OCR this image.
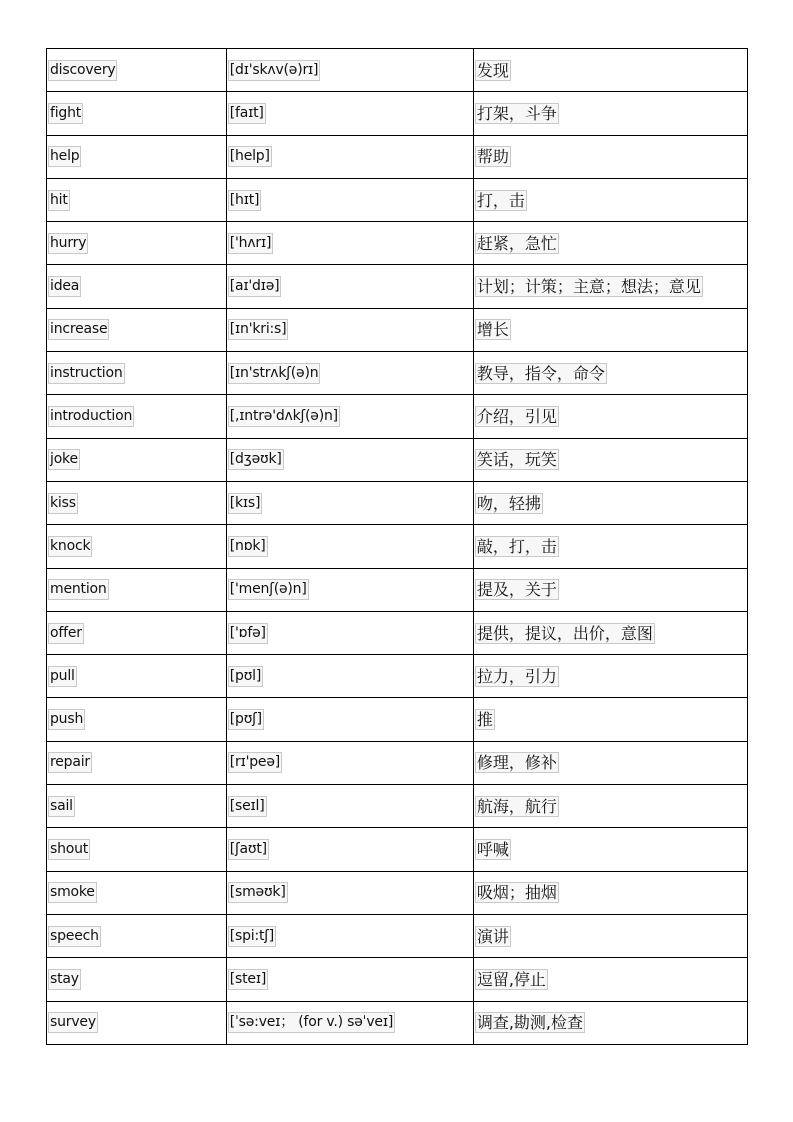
discovery	[dɪ'skʌv(ə)rɪ]	发现
fight	[faɪt]	打架，斗争
help	[help]	帮助
hit	[hɪt]	打，击
hurry	['hʌrɪ]	赶紧，急忙
idea	[aɪ'dɪə]	计划；计策；主意；想法；意见
increase	[ɪn'kri:s]	增长
instruction	[ɪn'strʌkʃ(ə)n	教导，指令，命令
introduction	[,ɪntrə'dʌkʃ(ə)n]	介绍，引见
joke	[dʒəʊk]	笑话，玩笑
kiss	[kɪs]	吻，轻拂
knock	[nɒk]	敲，打，击
mention	['menʃ(ə)n]	提及，关于
offer	['ɒfə]	提供，提议，出价，意图
pull	[pʊl]	拉力，引力
push	[pʊʃ]	推
repair	[rɪ'peə]	修理，修补
sail	[seɪl]	航海，航行
shout	[ʃaʊt]	呼喊
smoke	[sməʊk]	吸烟；抽烟
speech	[spi:tʃ]	演讲
stay	[steɪ]	逗留,停止
survey	[ˈsə:veɪ； (for v.) səˈveɪ]	调查,勘测,检查
